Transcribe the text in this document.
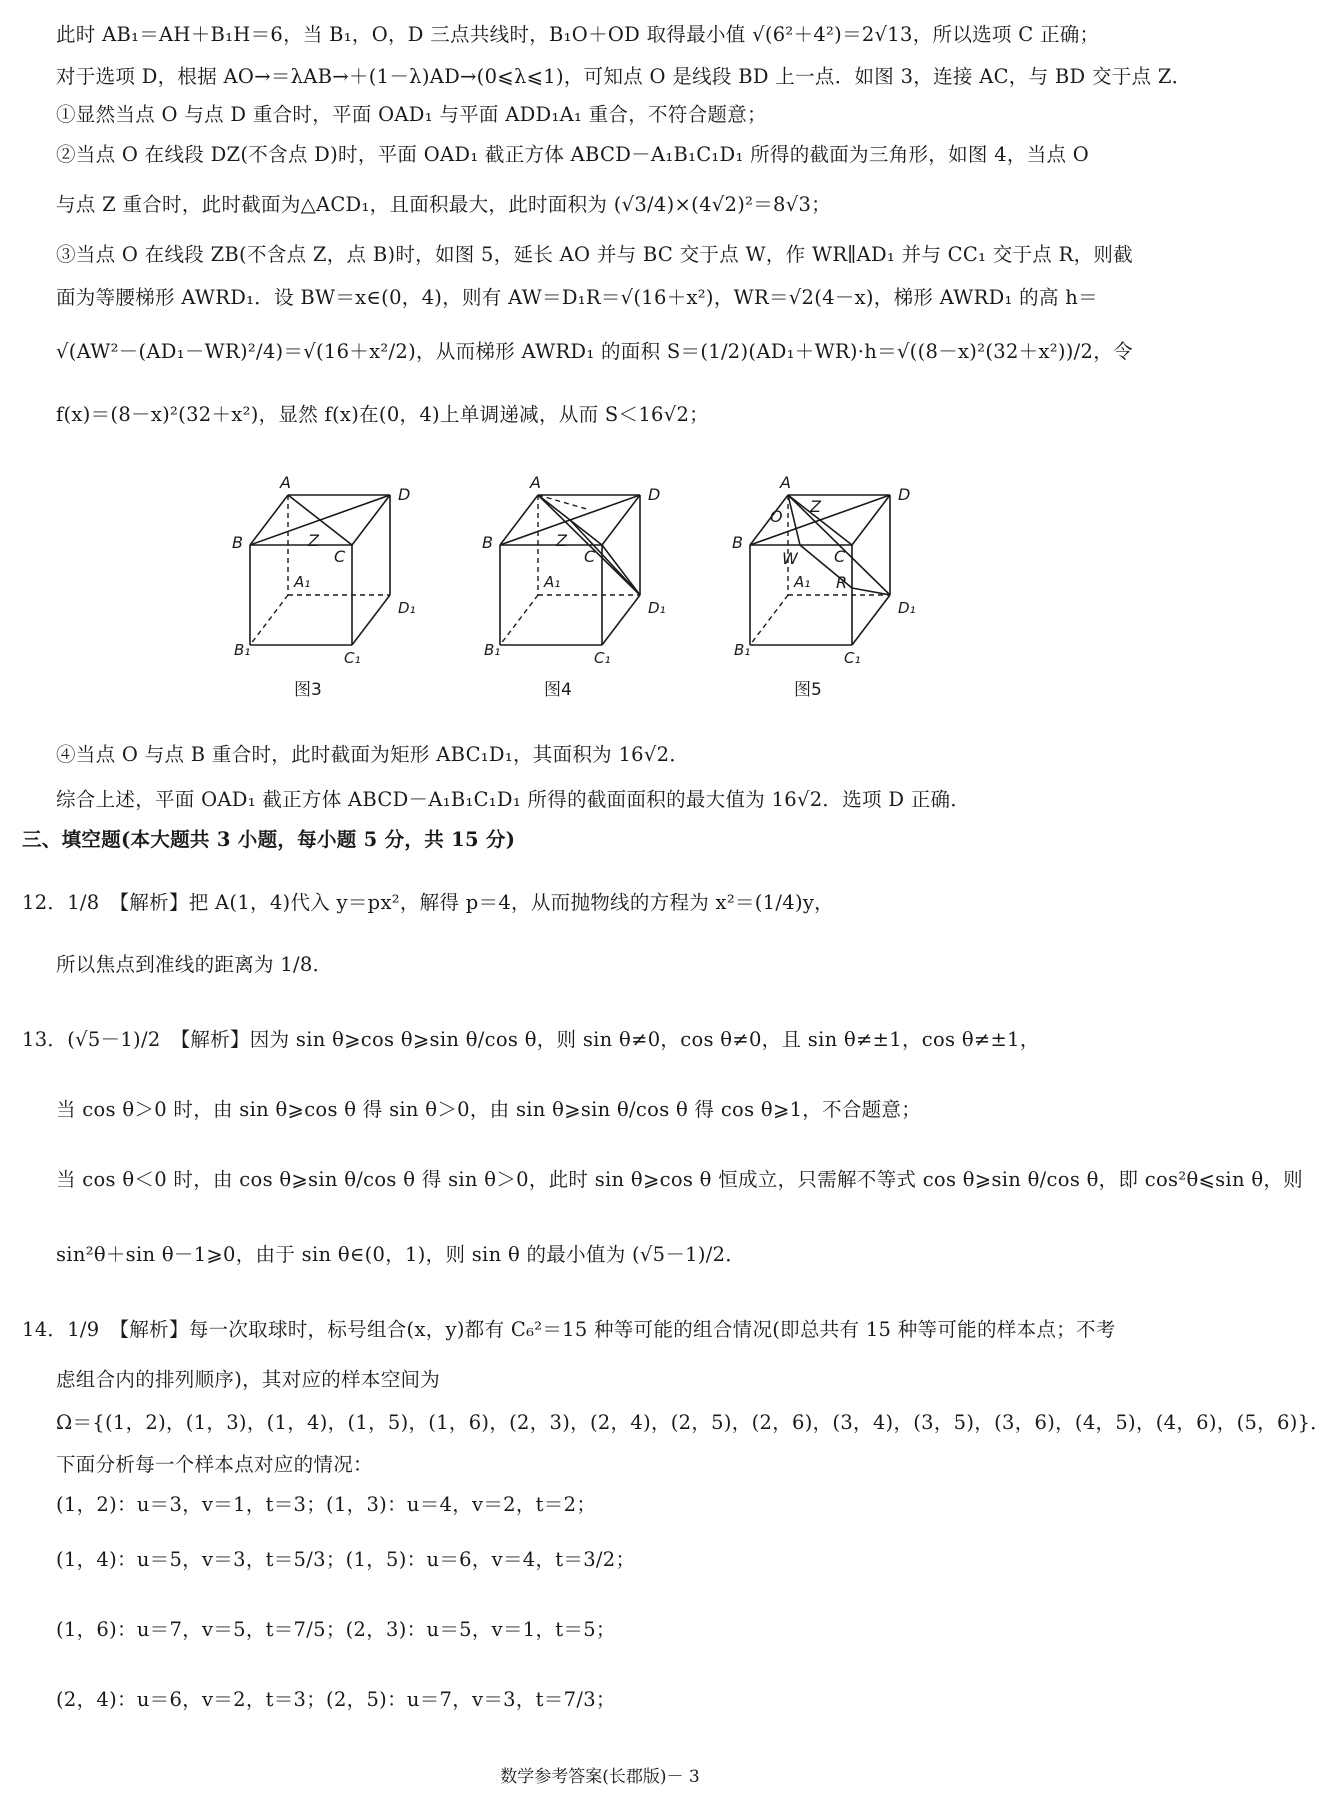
此时 AB₁＝AH＋B₁H＝6，当 B₁，O，D 三点共线时，B₁O＋OD 取得最小值 √(6²＋4²)＝2√13，所以选项 C 正确；
对于选项 D，根据 AO→＝λAB→＋(1－λ)AD→(0⩽λ⩽1)，可知点 O 是线段 BD 上一点．如图 3，连接 AC，与 BD 交于点 Z．
①显然当点 O 与点 D 重合时，平面 OAD₁ 与平面 ADD₁A₁ 重合，不符合题意；
②当点 O 在线段 DZ(不含点 D)时，平面 OAD₁ 截正方体 ABCD－A₁B₁C₁D₁ 所得的截面为三角形，如图 4，当点 O
与点 Z 重合时，此时截面为△ACD₁，且面积最大，此时面积为 (√3/4)×(4√2)²＝8√3；
③当点 O 在线段 ZB(不含点 Z，点 B)时，如图 5，延长 AO 并与 BC 交于点 W，作 WR∥AD₁ 并与 CC₁ 交于点 R，则截
面为等腰梯形 AWRD₁．设 BW＝x∈(0，4)，则有 AW＝D₁R＝√(16＋x²)，WR＝√2(4－x)，梯形 AWRD₁ 的高 h＝
√(AW²－(AD₁－WR)²/4)＝√(16＋x²/2)，从而梯形 AWRD₁ 的面积 S＝(1/2)(AD₁＋WR)·h＝√((8－x)²(32＋x²))/2，令
f(x)＝(8－x)²(32＋x²)，显然 f(x)在(0，4)上单调递减，从而 S＜16√2；
A
D
B	Z
C
A₁
D₁
B₁	C₁
图3
A
D
B	Z
C
A₁
D₁
B₁	C₁
图4
A
D
O
Z
B
W C
A₁ R
D₁
B₁	C₁
图5
④当点 O 与点 B 重合时，此时截面为矩形 ABC₁D₁，其面积为 16√2．
综合上述，平面 OAD₁ 截正方体 ABCD－A₁B₁C₁D₁ 所得的截面面积的最大值为 16√2．选项 D 正确．
三、填空题(本大题共 3 小题，每小题 5 分，共 15 分)
12．1/8　【解析】把 A(1，4)代入 y＝px²，解得 p＝4，从而抛物线的方程为 x²＝(1/4)y，
所以焦点到准线的距离为 1/8．
13．(√5－1)/2　【解析】因为 sin θ⩾cos θ⩾sin θ/cos θ，则 sin θ≠0，cos θ≠0，且 sin θ≠±1，cos θ≠±1，
当 cos θ＞0 时，由 sin θ⩾cos θ 得 sin θ＞0，由 sin θ⩾sin θ/cos θ 得 cos θ⩾1，不合题意；
当 cos θ＜0 时，由 cos θ⩾sin θ/cos θ 得 sin θ＞0，此时 sin θ⩾cos θ 恒成立，只需解不等式 cos θ⩾sin θ/cos θ，即 cos²θ⩽sin θ，则
sin²θ＋sin θ－1⩾0，由于 sin θ∈(0，1)，则 sin θ 的最小值为 (√5－1)/2．
14．1/9　【解析】每一次取球时，标号组合(x，y)都有 C₆²＝15 种等可能的组合情况(即总共有 15 种等可能的样本点；不考
虑组合内的排列顺序)，其对应的样本空间为
Ω＝{(1，2)，(1，3)，(1，4)，(1，5)，(1，6)，(2，3)，(2，4)，(2，5)，(2，6)，(3，4)，(3，5)，(3，6)，(4，5)，(4，6)，(5，6)}．
下面分析每一个样本点对应的情况：
(1，2)：u＝3，v＝1，t＝3；(1，3)：u＝4，v＝2，t＝2；
(1，4)：u＝5，v＝3，t＝5/3；(1，5)：u＝6，v＝4，t＝3/2；
(1，6)：u＝7，v＝5，t＝7/5；(2，3)：u＝5，v＝1，t＝5；
(2，4)：u＝6，v＝2，t＝3；(2，5)：u＝7，v＝3，t＝7/3；
数学参考答案(长郡版)－ 3
